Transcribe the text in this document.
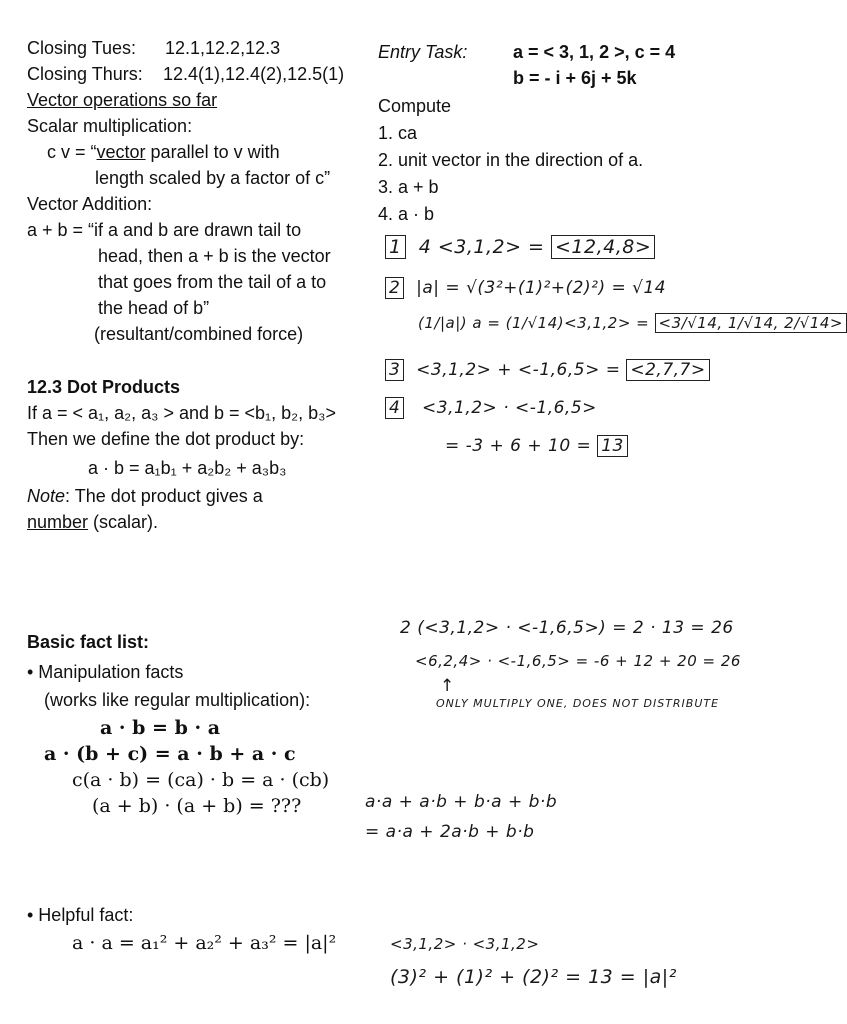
Closing Tues: 12.1,12.2,12.3
Closing Thurs: 12.4(1),12.4(2),12.5(1)
Vector operations so far
Scalar multiplication:
c v = “vector parallel to v with
length scaled by a factor of c”
Vector Addition:
a + b = “if a and b are drawn tail to
head, then a + b is the vector
that goes from the tail of a to
the head of b”
(resultant/combined force)
12.3 Dot Products
If a = < a₁, a₂, a₃ > and b = <b₁, b₂, b₃>
Then we define the dot product by:
a · b = a₁b₁ + a₂b₂ + a₃b₃
Note: The dot product gives a
number (scalar).
Basic fact list:
• Manipulation facts
(works like regular multiplication):
a · b = b · a
a · (b + c) = a · b + a · c
c(a · b) = (ca) · b = a · (cb)
(a + b) · (a + b) = ???
• Helpful fact:
a · a = a₁² + a₂² + a₃² = |a|²
Entry Task:	a = < 3, 1, 2 >, c = 4
b = - i + 6j + 5k
Compute
1. ca
2. unit vector in the direction of a.
3. a + b
4. a · b
1 4 <3,1,2> = <12,4,8>
2 |a| = √(3²+(1)²+(2)²) = √14
(1/|a|) a = (1/√14)<3,1,2> = <3/√14, 1/√14, 2/√14>
3 <3,1,2> + <-1,6,5> = <2,7,7>
4 <3,1,2> · <-1,6,5>
= -3 + 6 + 10 = 13
2 (<3,1,2> · <-1,6,5>) = 2 · 13 = 26
<6,2,4> · <-1,6,5> = -6 + 12 + 20 = 26
↑
ONLY MULTIPLY ONE, DOES NOT DISTRIBUTE
a·a + a·b + b·a + b·b
= a·a + 2a·b + b·b
<3,1,2> · <3,1,2>
(3)² + (1)² + (2)² = 13 = |a|²
